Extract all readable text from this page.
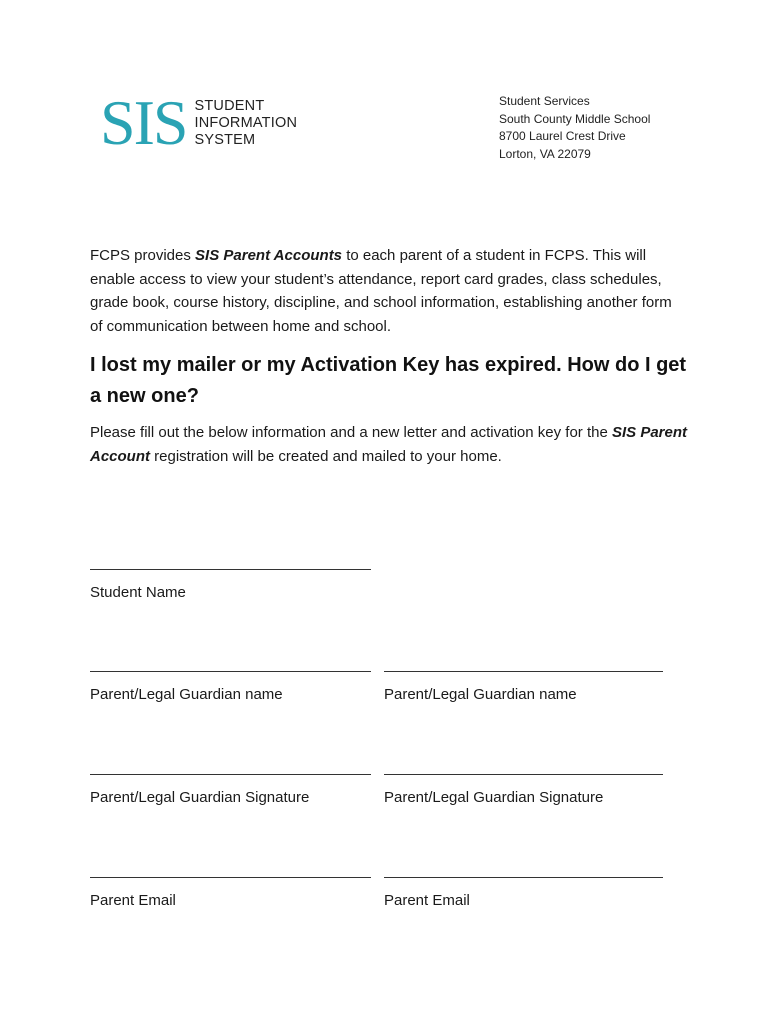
SIS STUDENT
INFORMATION
SYSTEM
Student Services
South County Middle School
8700 Laurel Crest Drive
Lorton, VA 22079

FCPS provides SIS Parent Accounts to each parent of a student in FCPS. This will enable access to view your student’s attendance, report card grades, class schedules, grade book, course history, discipline, and school information, establishing another form of communication between home and school.

I lost my mailer or my Activation Key has expired. How do I get a new one?

Please fill out the below information and a new letter and activation key for the SIS Parent Account registration will be created and mailed to your home.

Student Name
Parent/Legal Guardian name	Parent/Legal Guardian name
Parent/Legal Guardian Signature	Parent/Legal Guardian Signature
Parent Email	Parent Email
